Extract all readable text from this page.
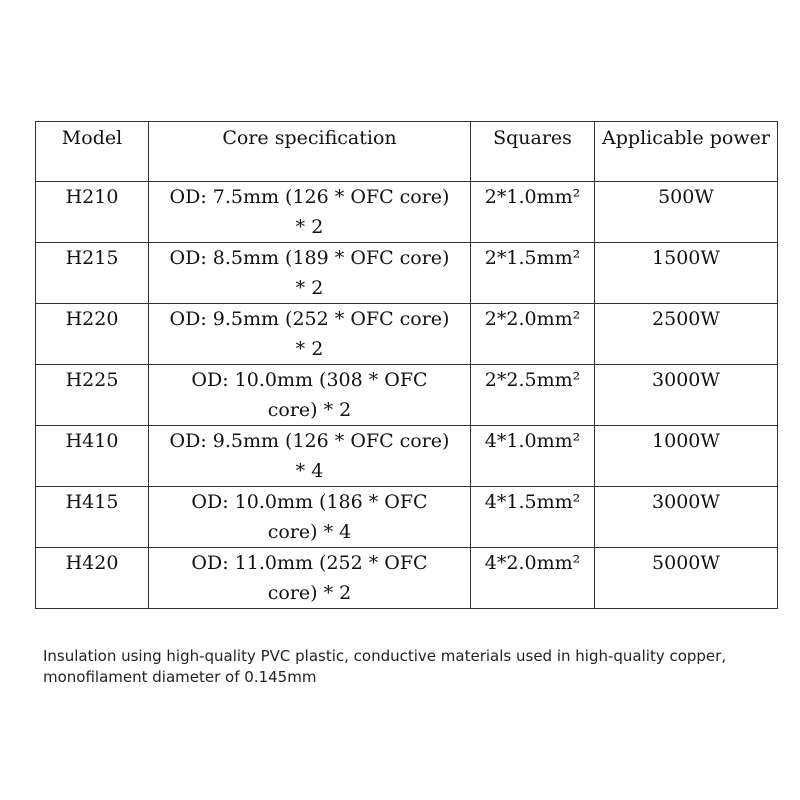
Model	Core specification	Squares	Applicable power
H210	OD: 7.5mm (126 * OFC core) * 2	2*1.0mm²	500W
H215	OD: 8.5mm (189 * OFC core) * 2	2*1.5mm²	1500W
H220	OD: 9.5mm (252 * OFC core) * 2	2*2.0mm²	2500W
H225	OD: 10.0mm (308 * OFC core) * 2	2*2.5mm²	3000W
H410	OD: 9.5mm (126 * OFC core) * 4	4*1.0mm²	1000W
H415	OD: 10.0mm (186 * OFC core) * 4	4*1.5mm²	3000W
H420	OD: 11.0mm (252 * OFC core) * 2	4*2.0mm²	5000W

Insulation using high-quality PVC plastic, conductive materials used in high-quality copper, monofilament diameter of 0.145mm
